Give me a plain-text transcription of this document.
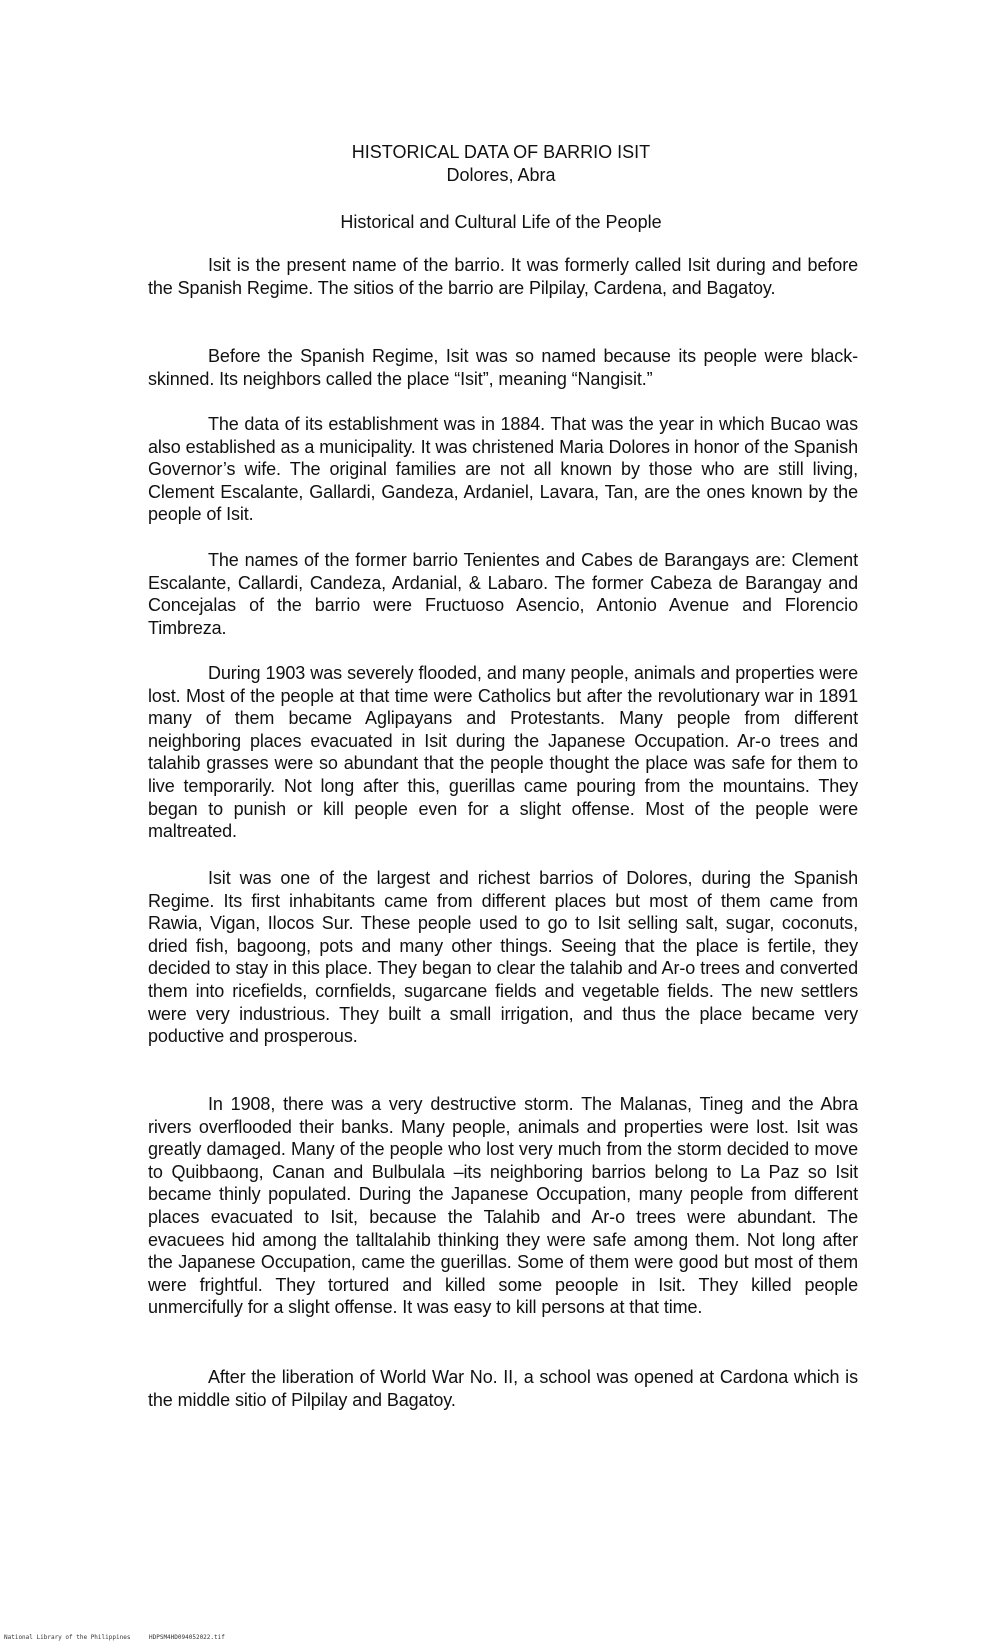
HISTORICAL DATA OF BARRIO ISIT
Dolores, Abra
Historical and Cultural Life of the People

Isit is the present name of the barrio. It was formerly called Isit during and before the Spanish Regime. The sitios of the barrio are Pilpilay, Cardena, and Bagatoy.

Before the Spanish Regime, Isit was so named because its people were black-skinned. Its neighbors called the place “Isit”, meaning “Nangisit.”

The data of its establishment was in 1884. That was the year in which Bucao was also established as a municipality. It was christened Maria Dolores in honor of the Spanish Governor’s wife. The original families are not all known by those who are still living, Clement Escalante, Gallardi, Gandeza, Ardaniel, Lavara, Tan, are the ones known by the people of Isit.

The names of the former barrio Tenientes and Cabes de Barangays are: Clement Escalante, Callardi, Candeza, Ardanial, & Labaro. The former Cabeza de Barangay and Concejalas of the barrio were Fructuoso Asencio, Antonio Avenue and Florencio Timbreza.

During 1903 was severely flooded, and many people, animals and properties were lost. Most of the people at that time were Catholics but after the revolutionary war in 1891 many of them became Aglipayans and Protestants. Many people from different neighboring places evacuated in Isit during the Japanese Occupation. Ar-o trees and talahib grasses were so abundant that the people thought the place was safe for them to live temporarily. Not long after this, guerillas came pouring from the mountains. They began to punish or kill people even for a slight offense. Most of the people were maltreated.

Isit was one of the largest and richest barrios of Dolores, during the Spanish Regime. Its first inhabitants came from different places but most of them came from Rawia, Vigan, Ilocos Sur. These people used to go to Isit selling salt, sugar, coconuts, dried fish, bagoong, pots and many other things. Seeing that the place is fertile, they decided to stay in this place. They began to clear the talahib and Ar-o trees and converted them into ricefields, cornfields, sugarcane fields and vegetable fields. The new settlers were very industrious. They built a small irrigation, and thus the place became very poductive and prosperous.

In 1908, there was a very destructive storm. The Malanas, Tineg and the Abra rivers overflooded their banks. Many people, animals and properties were lost. Isit was greatly damaged. Many of the people who lost very much from the storm decided to move to Quibbaong, Canan and Bulbulala –its neighboring barrios belong to La Paz so Isit became thinly populated. During the Japanese Occupation, many people from different places evacuated to Isit, because the Talahib and Ar-o trees were abundant. The evacuees hid among the talltalahib thinking they were safe among them. Not long after the Japanese Occupation, came the guerillas. Some of them were good but most of them were frightful. They tortured and killed some peoople in Isit. They killed people unmercifully for a slight offense. It was easy to kill persons at that time.

After the liberation of World War No. II, a school was opened at Cardona which is the middle sitio of Pilpilay and Bagatoy.

National Library of the Philippines	HDPSM4HD094052022.tif
